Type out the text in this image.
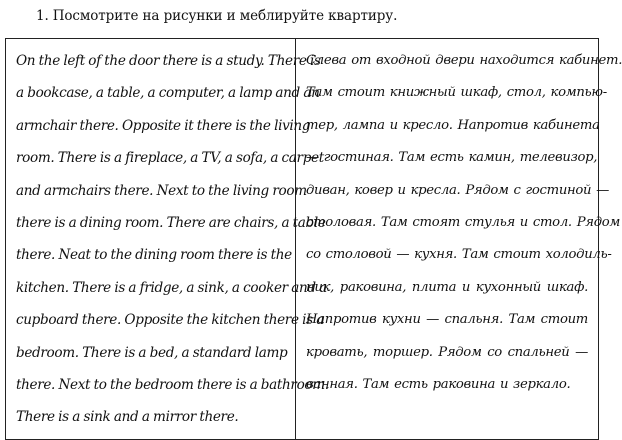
1. Посмотрите на рисунки и меблируйте квартиру.
On the left of the door there is a study. There is
a bookcase, a table, a computer, a lamp and an
armchair there. Opposite it there is the living
room. There is a fireplace, a TV, a sofa, a carpet
and armchairs there. Next to the living room
there is a dining room. There are chairs, a table
there. Neat to the dining room there is the
kitchen. There is a fridge, a sink, a cooker and a
cupboard there. Opposite the kitchen there is a
bedroom. There is a bed, a standard lamp
there. Next to the bedroom there is a bathroom.
There is a sink and a mirror there.

Слева от входной двери находится кабинет.
Там стоит книжный шкаф, стол, компью-
тер, лампа и кресло. Напротив кабинета
— гостиная. Там есть камин, телевизор,
диван, ковер и кресла. Рядом с гостиной —
столовая. Там стоят стулья и стол. Рядом
со столовой — кухня. Там стоит холодиль-
ник, раковина, плита и кухонный шкаф.
Напротив кухни — спальня. Там стоит
кровать, торшер. Рядом со спальней —
ванная. Там есть раковина и зеркало.
